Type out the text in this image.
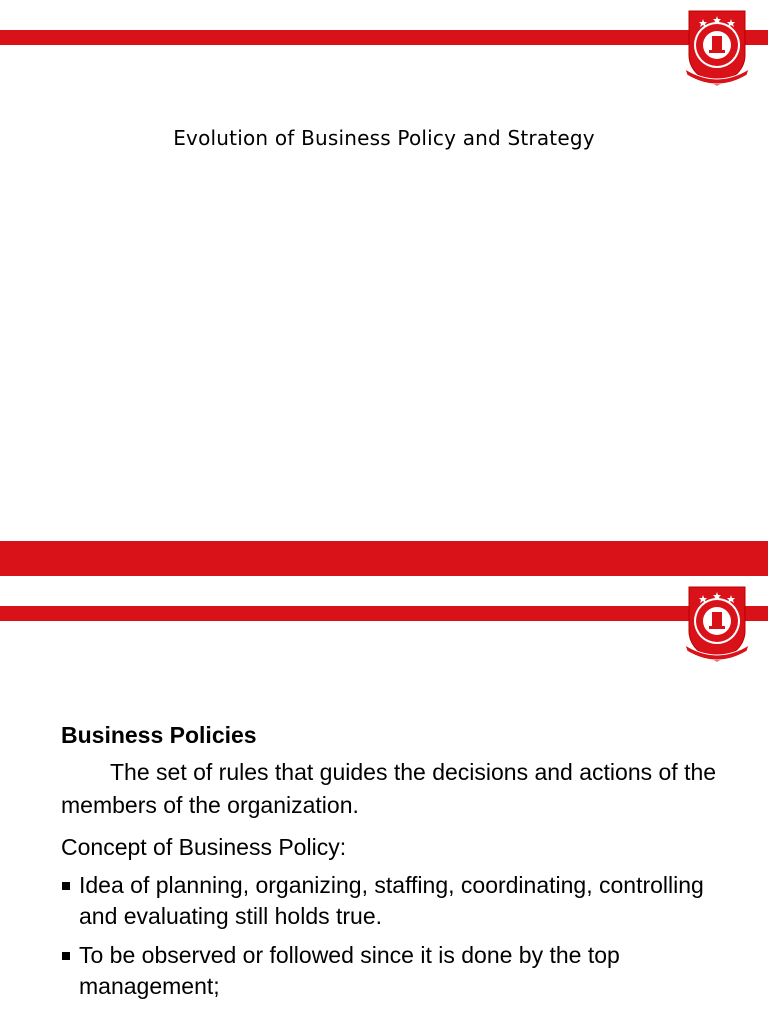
Evolution of Business Policy and Strategy

Business Policies

The set of rules that guides the decisions and actions of the members of the organization.

Concept of Business Policy:

Idea of planning, organizing, staffing, coordinating, controlling and evaluating still holds true.
To be observed or followed since it is done by the top management;
